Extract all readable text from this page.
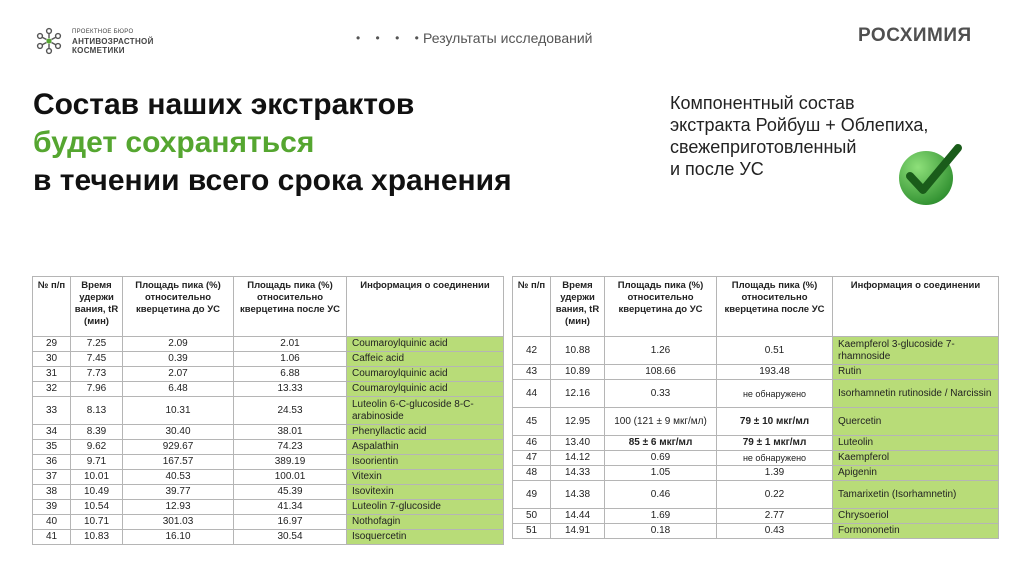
ПРОЕКТНОЕ БЮРО
АНТИВОЗРАСТНОЙ
КОСМЕТИКИ
• • • •
Результаты исследований	РОСХИМИЯ
Состав наших экстрактов
будет сохраняться
в течении всего срока хранения
Компонентный состав
экстракта Ройбуш + Облепиха,
свежеприготовленный
и после УС
№ п/п	Время удержи вания, tR (мин)	Площадь пика (%) относительно кверцетина до УС	Площадь пика (%) относительно кверцетина после УС	Информация о соединении
29	7.25	2.09	2.01	Coumaroylquinic acid
30	7.45	0.39	1.06	Caffeic acid
31	7.73	2.07	6.88	Coumaroylquinic acid
32	7.96	6.48	13.33	Coumaroylquinic acid
33	8.13	10.31	24.53	Luteolin 6-C-glucoside 8-C-arabinoside
34	8.39	30.40	38.01	Phenyllactic acid
35	9.62	929.67	74.23	Aspalathin
36	9.71	167.57	389.19	Isoorientin
37	10.01	40.53	100.01	Vitexin
38	10.49	39.77	45.39	Isovitexin
39	10.54	12.93	41.34	Luteolin 7-glucoside
40	10.71	301.03	16.97	Nothofagin
41	10.83	16.10	30.54	Isoquercetin
№ п/п	Время удержи вания, tR (мин)	Площадь пика (%) относительно кверцетина до УС	Площадь пика (%) относительно кверцетина после УС	Информация о соединении
42	10.88	1.26	0.51	Kaempferol 3-glucoside 7-rhamnoside
43	10.89	108.66	193.48	Rutin
44	12.16	0.33	не обнаружено	Isorhamnetin rutinoside / Narcissin
45	12.95	100 (121 ± 9 мкг/мл)	79 ± 10 мкг/мл	Quercetin
46	13.40	85 ± 6 мкг/мл	79 ± 1 мкг/мл	Luteolin
47	14.12	0.69	не обнаружено	Kaempferol
48	14.33	1.05	1.39	Apigenin
49	14.38	0.46	0.22	Tamarixetin (Isorhamnetin)
50	14.44	1.69	2.77	Chrysoeriol
51	14.91	0.18	0.43	Formononetin
